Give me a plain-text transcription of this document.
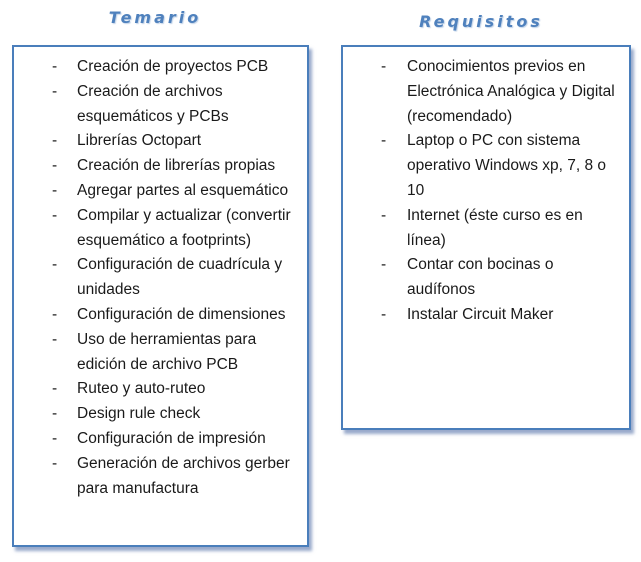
Temario	Requisitos
- Creación de proyectos PCB
- Creación de archivos esquemáticos y PCBs
- Librerías Octopart
- Creación de librerías propias
- Agregar partes al esquemático
- Compilar y actualizar (convertir esquemático a footprints)
- Configuración de cuadrícula y unidades
- Configuración de dimensiones
- Uso de herramientas para edición de archivo PCB
- Ruteo y auto-ruteo
- Design rule check
- Configuración de impresión
- Generación de archivos gerber para manufactura
- Conocimientos previos en Electrónica Analógica y Digital (recomendado)
- Laptop o PC con sistema operativo Windows xp, 7, 8 o 10
- Internet (éste curso es en línea)
- Contar con bocinas o audífonos
- Instalar Circuit Maker
